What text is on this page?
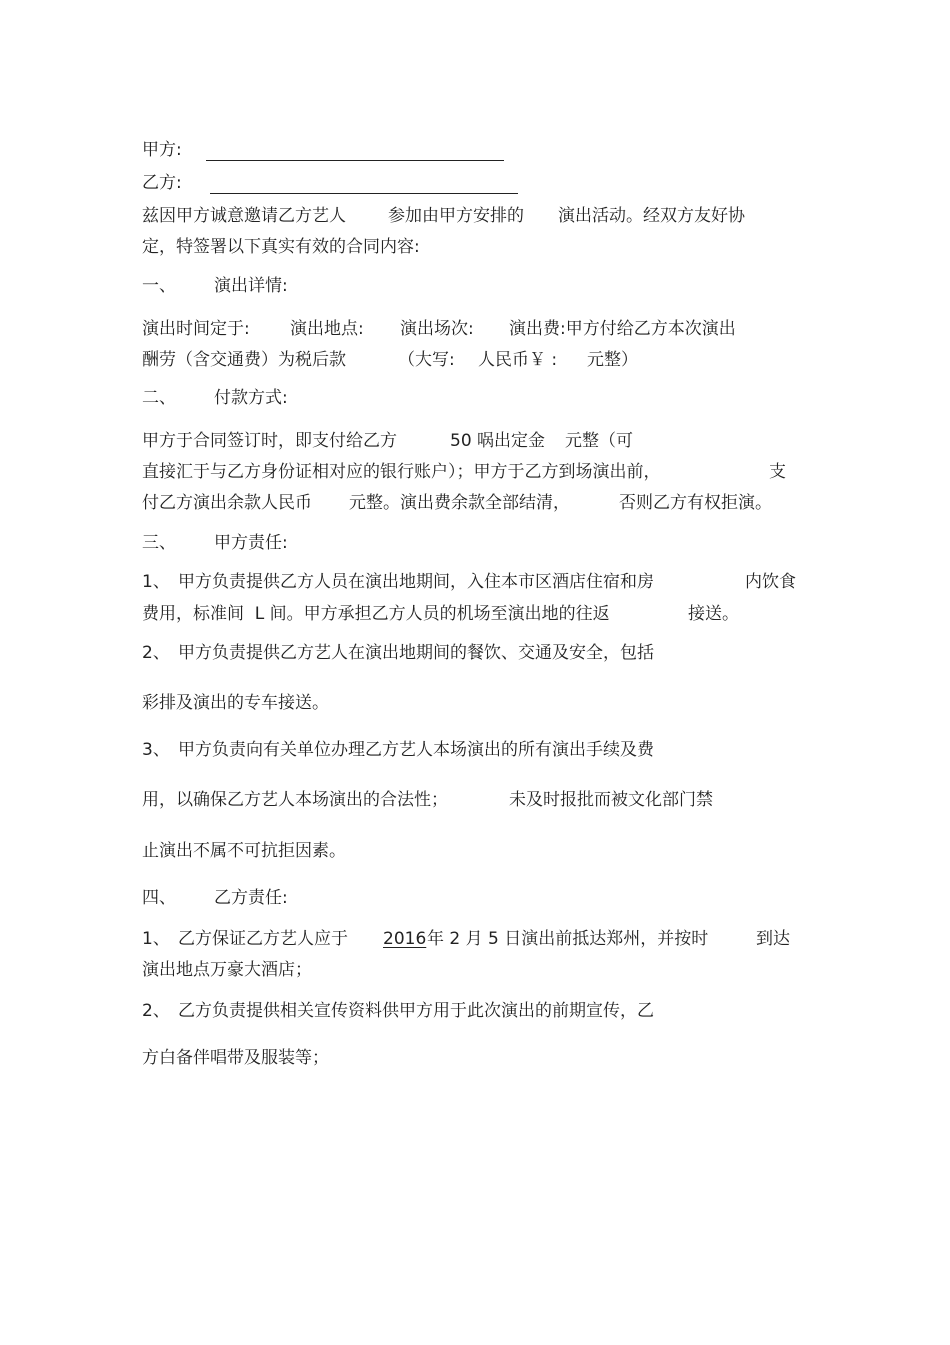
甲方:
乙方:
兹因甲方诚意邀请乙方艺人 参加由甲方安排的 演出活动。经双方友好协
定，特签署以下真实有效的合同内容:
一、 演出详情:
演出时间定于: 演出地点: 演出场次: 演出费:甲方付给乙方本次演出
酬劳（含交通费）为税后款	（大写: 人民币￥ : 元整）
二、 付款方式:
甲方于合同签订时，即支付给乙方	50 㖞出定金 元整（可
直接汇于与乙方身份证相对应的银行账户）；甲方于乙方到场演出前，	支
付乙方演出余款人民币 元整。演出费余款全部结清，	否则乙方有权拒演。
三、 甲方责任:
1、 甲方负责提供乙方人员在演出地期间，入住本市区酒店住宿和房	内饮食
费用，标准间  L 间。甲方承担乙方人员的机场至演出地的往返	接送。
2、 甲方负责提供乙方艺人在演出地期间的餐饮、交通及安全，包括
彩排及演出的专车接送。
3、 甲方负责向有关单位办理乙方艺人本场演出的所有演出手续及费
用，以确保乙方艺人本场演出的合法性；	未及时报批而被文化部门禁
止演出不属不可抗拒因素。
四、 乙方责任:
1、 乙方保证乙方艺人应于 2016 年 2 月 5 日演出前抵达郑州，并按时	到达
演出地点万豪大酒店；
2、 乙方负责提供相关宣传资料供甲方用于此次演出的前期宣传，乙
方白备伴唱带及服装等；
